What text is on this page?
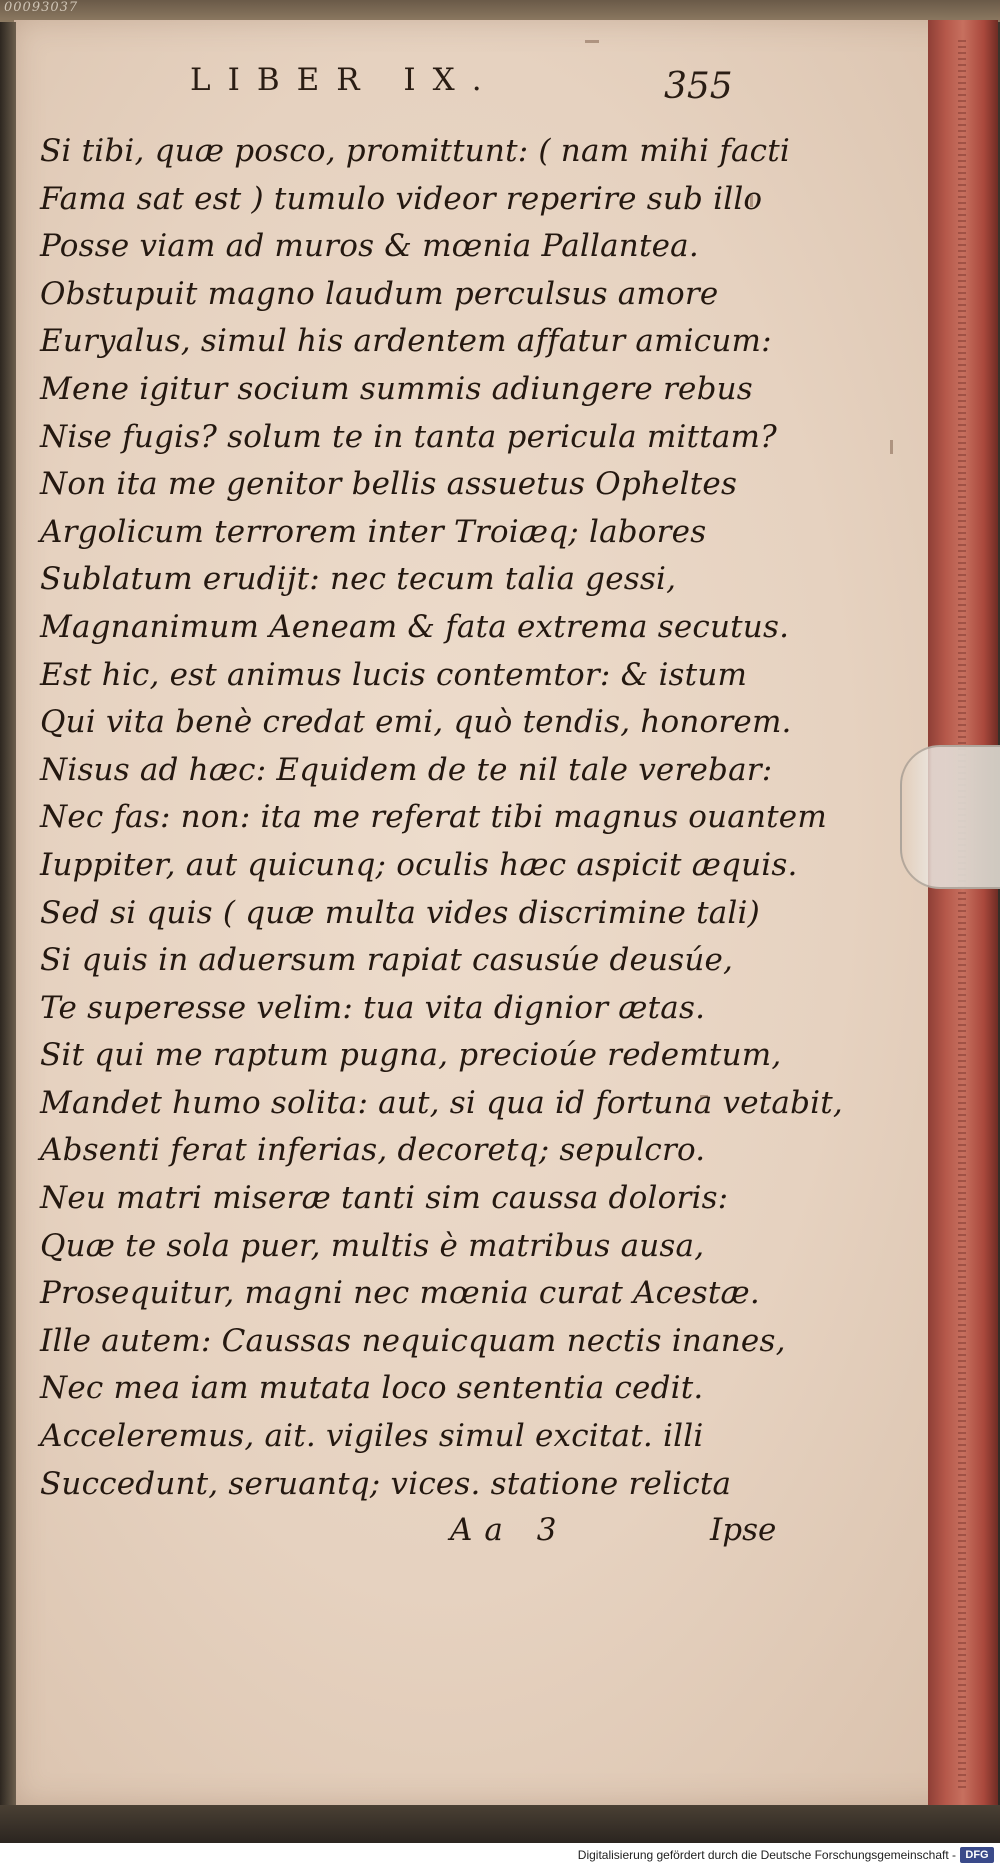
00093037
LIBER IX.	355
Si tibi, quæ posco, promittunt: ( nam mihi facti
Fama sat est ) tumulo videor reperire sub illo
Posse viam ad muros & mœnia Pallantea.
Obstupuit magno laudum perculsus amore
Euryalus, simul his ardentem affatur amicum:
Mene igitur socium summis adiungere rebus
Nise fugis? solum te in tanta pericula mittam?
Non ita me genitor bellis assuetus Opheltes
Argolicum terrorem inter Troiæq; labores
Sublatum erudijt: nec tecum talia gessi,
Magnanimum Aeneam & fata extrema secutus.
Est hic, est animus lucis contemtor: & istum
Qui vita benè credat emi, quò tendis, honorem.
Nisus ad hæc: Equidem de te nil tale verebar:
Nec fas: non: ita me referat tibi magnus ouantem
Iuppiter, aut quicunq; oculis hæc aspicit æquis.
Sed si quis ( quæ multa vides discrimine tali)
Si quis in aduersum rapiat casusúe deusúe,
Te superesse velim: tua vita dignior ætas.
Sit qui me raptum pugna, precioúe redemtum,
Mandet humo solita: aut, si qua id fortuna vetabit,
Absenti ferat inferias, decoretq; sepulcro.
Neu matri miseræ tanti sim caussa doloris:
Quæ te sola puer, multis è matribus ausa,
Prosequitur, magni nec mœnia curat Acestæ.
Ille autem: Caussas nequicquam nectis inanes,
Nec mea iam mutata loco sententia cedit.
Acceleremus, ait. vigiles simul excitat. illi
Succedunt, seruantq; vices. statione relicta
Aa 3	Ipse
Digitalisierung gefördert durch die Deutsche Forschungsgemeinschaft - DFG
